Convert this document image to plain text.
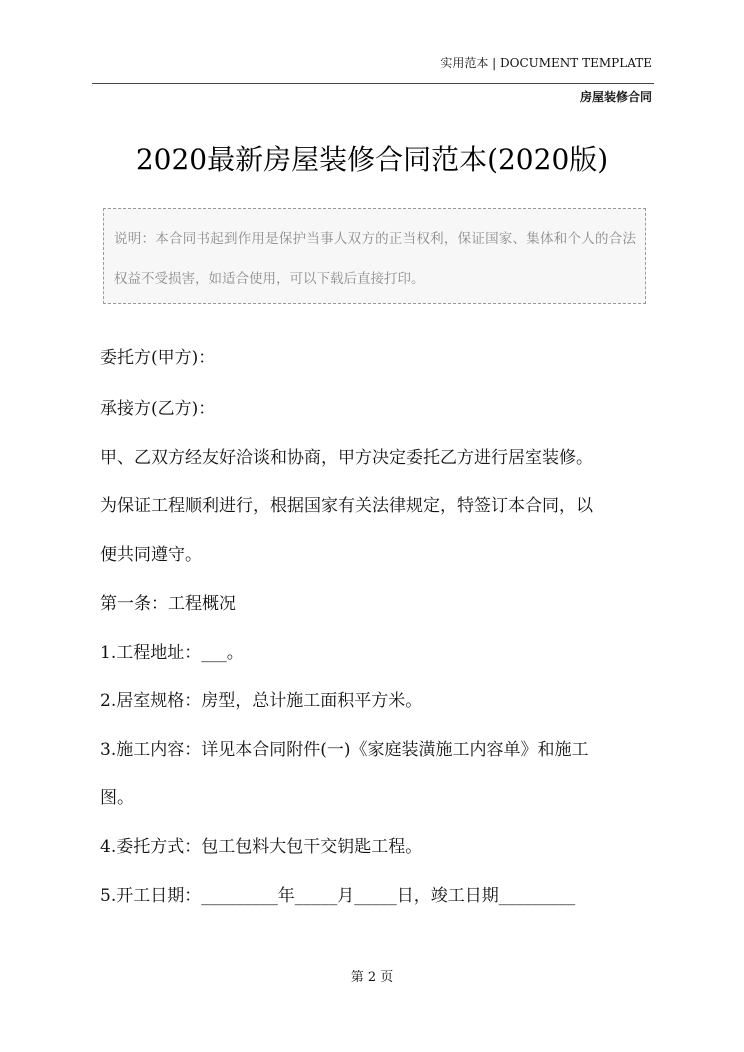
实用范本 | DOCUMENT TEMPLATE
房屋装修合同
2020最新房屋装修合同范本(2020版)
说明：本合同书起到作用是保护当事人双方的正当权利，保证国家、集体和个人的合法权益不受损害，如适合使用，可以下载后直接打印。
委托方(甲方)：
承接方(乙方)：
甲、乙双方经友好洽谈和协商，甲方决定委托乙方进行居室装修。
为保证工程顺利进行，根据国家有关法律规定，特签订本合同，以
便共同遵守。
第一条：工程概况
1.工程地址：___。
2.居室规格：房型，总计施工面积平方米。
3.施工内容：详见本合同附件(一)《家庭装潢施工内容单》和施工
图。
4.委托方式：包工包料大包干交钥匙工程。
5.开工日期：_________年_____月_____日，竣工日期_________
第 2 页
